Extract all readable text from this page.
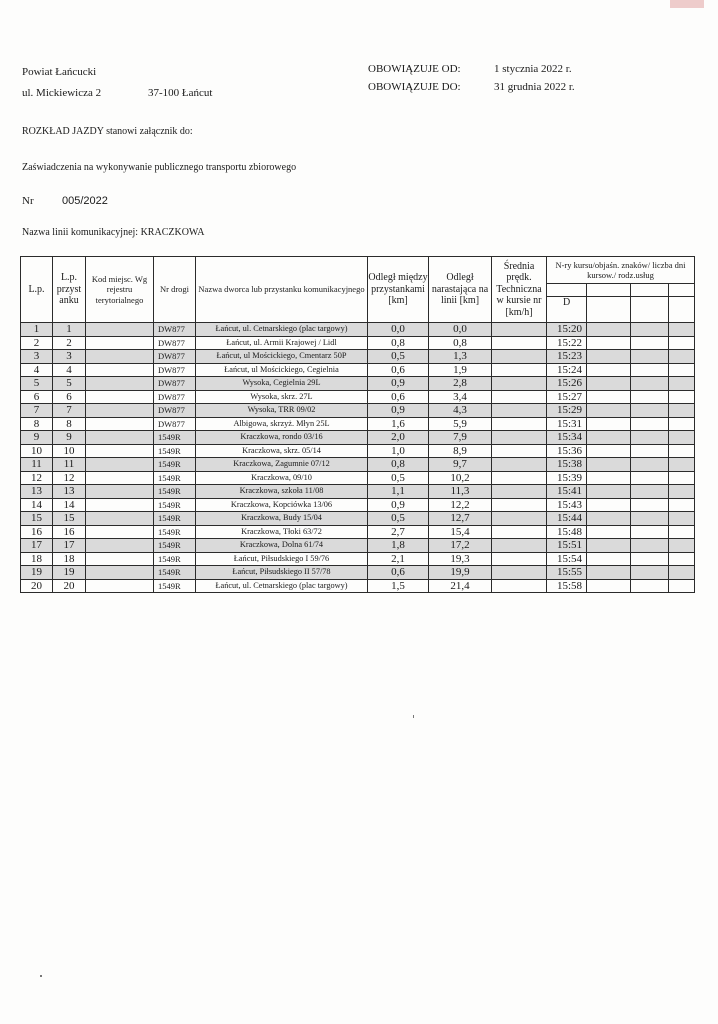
Powiat Łańcucki
ul. Mickiewicza 2	37-100 Łańcut
OBOWIĄZUJE OD:	1 stycznia 2022 r.
OBOWIĄZUJE DO:	31 grudnia 2022 r.
ROZKŁAD JAZDY stanowi załącznik do:
Zaświadczenia na wykonywanie publicznego transportu zbiorowego
Nr	005/2022
Nazwa linii komunikacyjnej: KRACZKOWA
L.p.	L.p. przyst anku	Kod miejsc. Wg rejestru terytorialnego	Nr drogi	Nazwa dworca lub przystanku komunikacyjnego	Odległ między przystankami [km]	Odległ narastająca na linii [km]	Średnia prędk. Techniczna w kursie nr [km/h]	N-ry kursu/objaśn. znaków/ liczba dni kursow./ rodz.usług			

								D			
1	1		DW877	Łańcut, ul. Cetnarskiego (plac targowy)	0,0	0,0		15:20			
2	2		DW877	Łańcut, ul. Armii Krajowej / Lidl	0,8	0,8		15:22			
3	3		DW877	Łańcut, ul Mościckiego, Cmentarz 50P	0,5	1,3		15:23			
4	4		DW877	Łańcut, ul Mościckiego, Cegielnia	0,6	1,9		15:24			
5	5		DW877	Wysoka, Cegielnia 29L	0,9	2,8		15:26			
6	6		DW877	Wysoka, skrz. 27L	0,6	3,4		15:27			
7	7		DW877	Wysoka, TRR 09/02	0,9	4,3		15:29			
8	8		DW877	Albigowa, skrzyż. Młyn 25L	1,6	5,9		15:31			
9	9		1549R	Kraczkowa, rondo 03/16	2,0	7,9		15:34			
10	10		1549R	Kraczkowa, skrz. 05/14	1,0	8,9		15:36			
11	11		1549R	Kraczkowa, Zagumnie 07/12	0,8	9,7		15:38			
12	12		1549R	Kraczkowa, 09/10	0,5	10,2		15:39			
13	13		1549R	Kraczkowa, szkoła 11/08	1,1	11,3		15:41			
14	14		1549R	Kraczkowa, Kopciówka 13/06	0,9	12,2		15:43			
15	15		1549R	Kraczkowa, Budy 15/04	0,5	12,7		15:44			
16	16		1549R	Kraczkowa, Tłoki 63/72	2,7	15,4		15:48			
17	17		1549R	Kraczkowa, Dolna 61/74	1,8	17,2		15:51			
18	18		1549R	Łańcut, Piłsudskiego I 59/76	2,1	19,3		15:54			
19	19		1549R	Łańcut, Piłsudskiego II 57/78	0,6	19,9		15:55			
20	20		1549R	Łańcut, ul. Cetnarskiego (plac targowy)	1,5	21,4		15:58			
